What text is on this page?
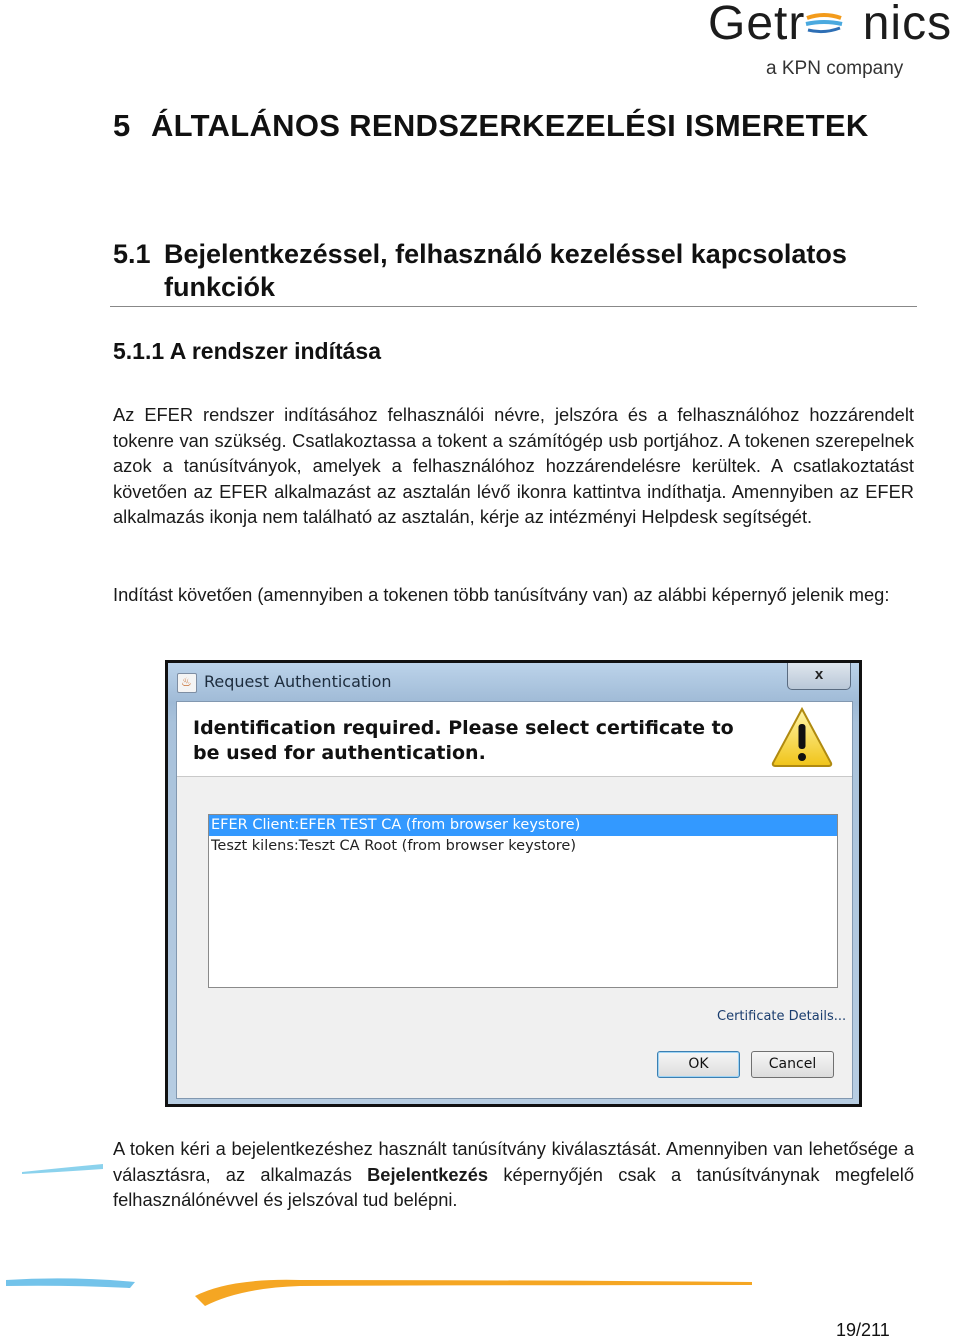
Getr nics
a KPN company
5 ÁLTALÁNOS RENDSZERKEZELÉSI ISMERETEK
5.1 Bejelentkezéssel, felhasználó kezeléssel kapcsolatos funkciók
5.1.1 A rendszer indítása

Az EFER rendszer indításához felhasználói névre, jelszóra és a felhasználóhoz hozzárendelt tokenre van szükség. Csatlakoztassa a tokent a számítógép usb portjához. A tokenen szerepelnek azok a tanúsítványok, amelyek a felhasználóhoz hozzárendelésre kerültek. A csatlakoztatást követően az EFER alkalmazást az asztalán lévő ikonra kattintva indíthatja. Amennyiben az EFER alkalmazás ikonja nem található az asztalán, kérje az intézményi Helpdesk segítségét.

Indítást követően (amennyiben a tokenen több tanúsítvány van) az alábbi képernyő jelenik meg:

♨ Request Authentication	x
Identification required. Please select certificate to be used for authentication.
EFER Client:EFER TEST CA (from browser keystore)
Teszt kilens:Teszt CA Root (from browser keystore)
Certificate Details...
OK	Cancel

A token kéri a bejelentkezéshez használt tanúsítvány kiválasztását. Amennyiben van lehetősége a választásra, az alkalmazás Bejelentkezés képernyőjén csak a tanúsítványnak megfelelő felhasználónévvel és jelszóval tud belépni.

19/211
